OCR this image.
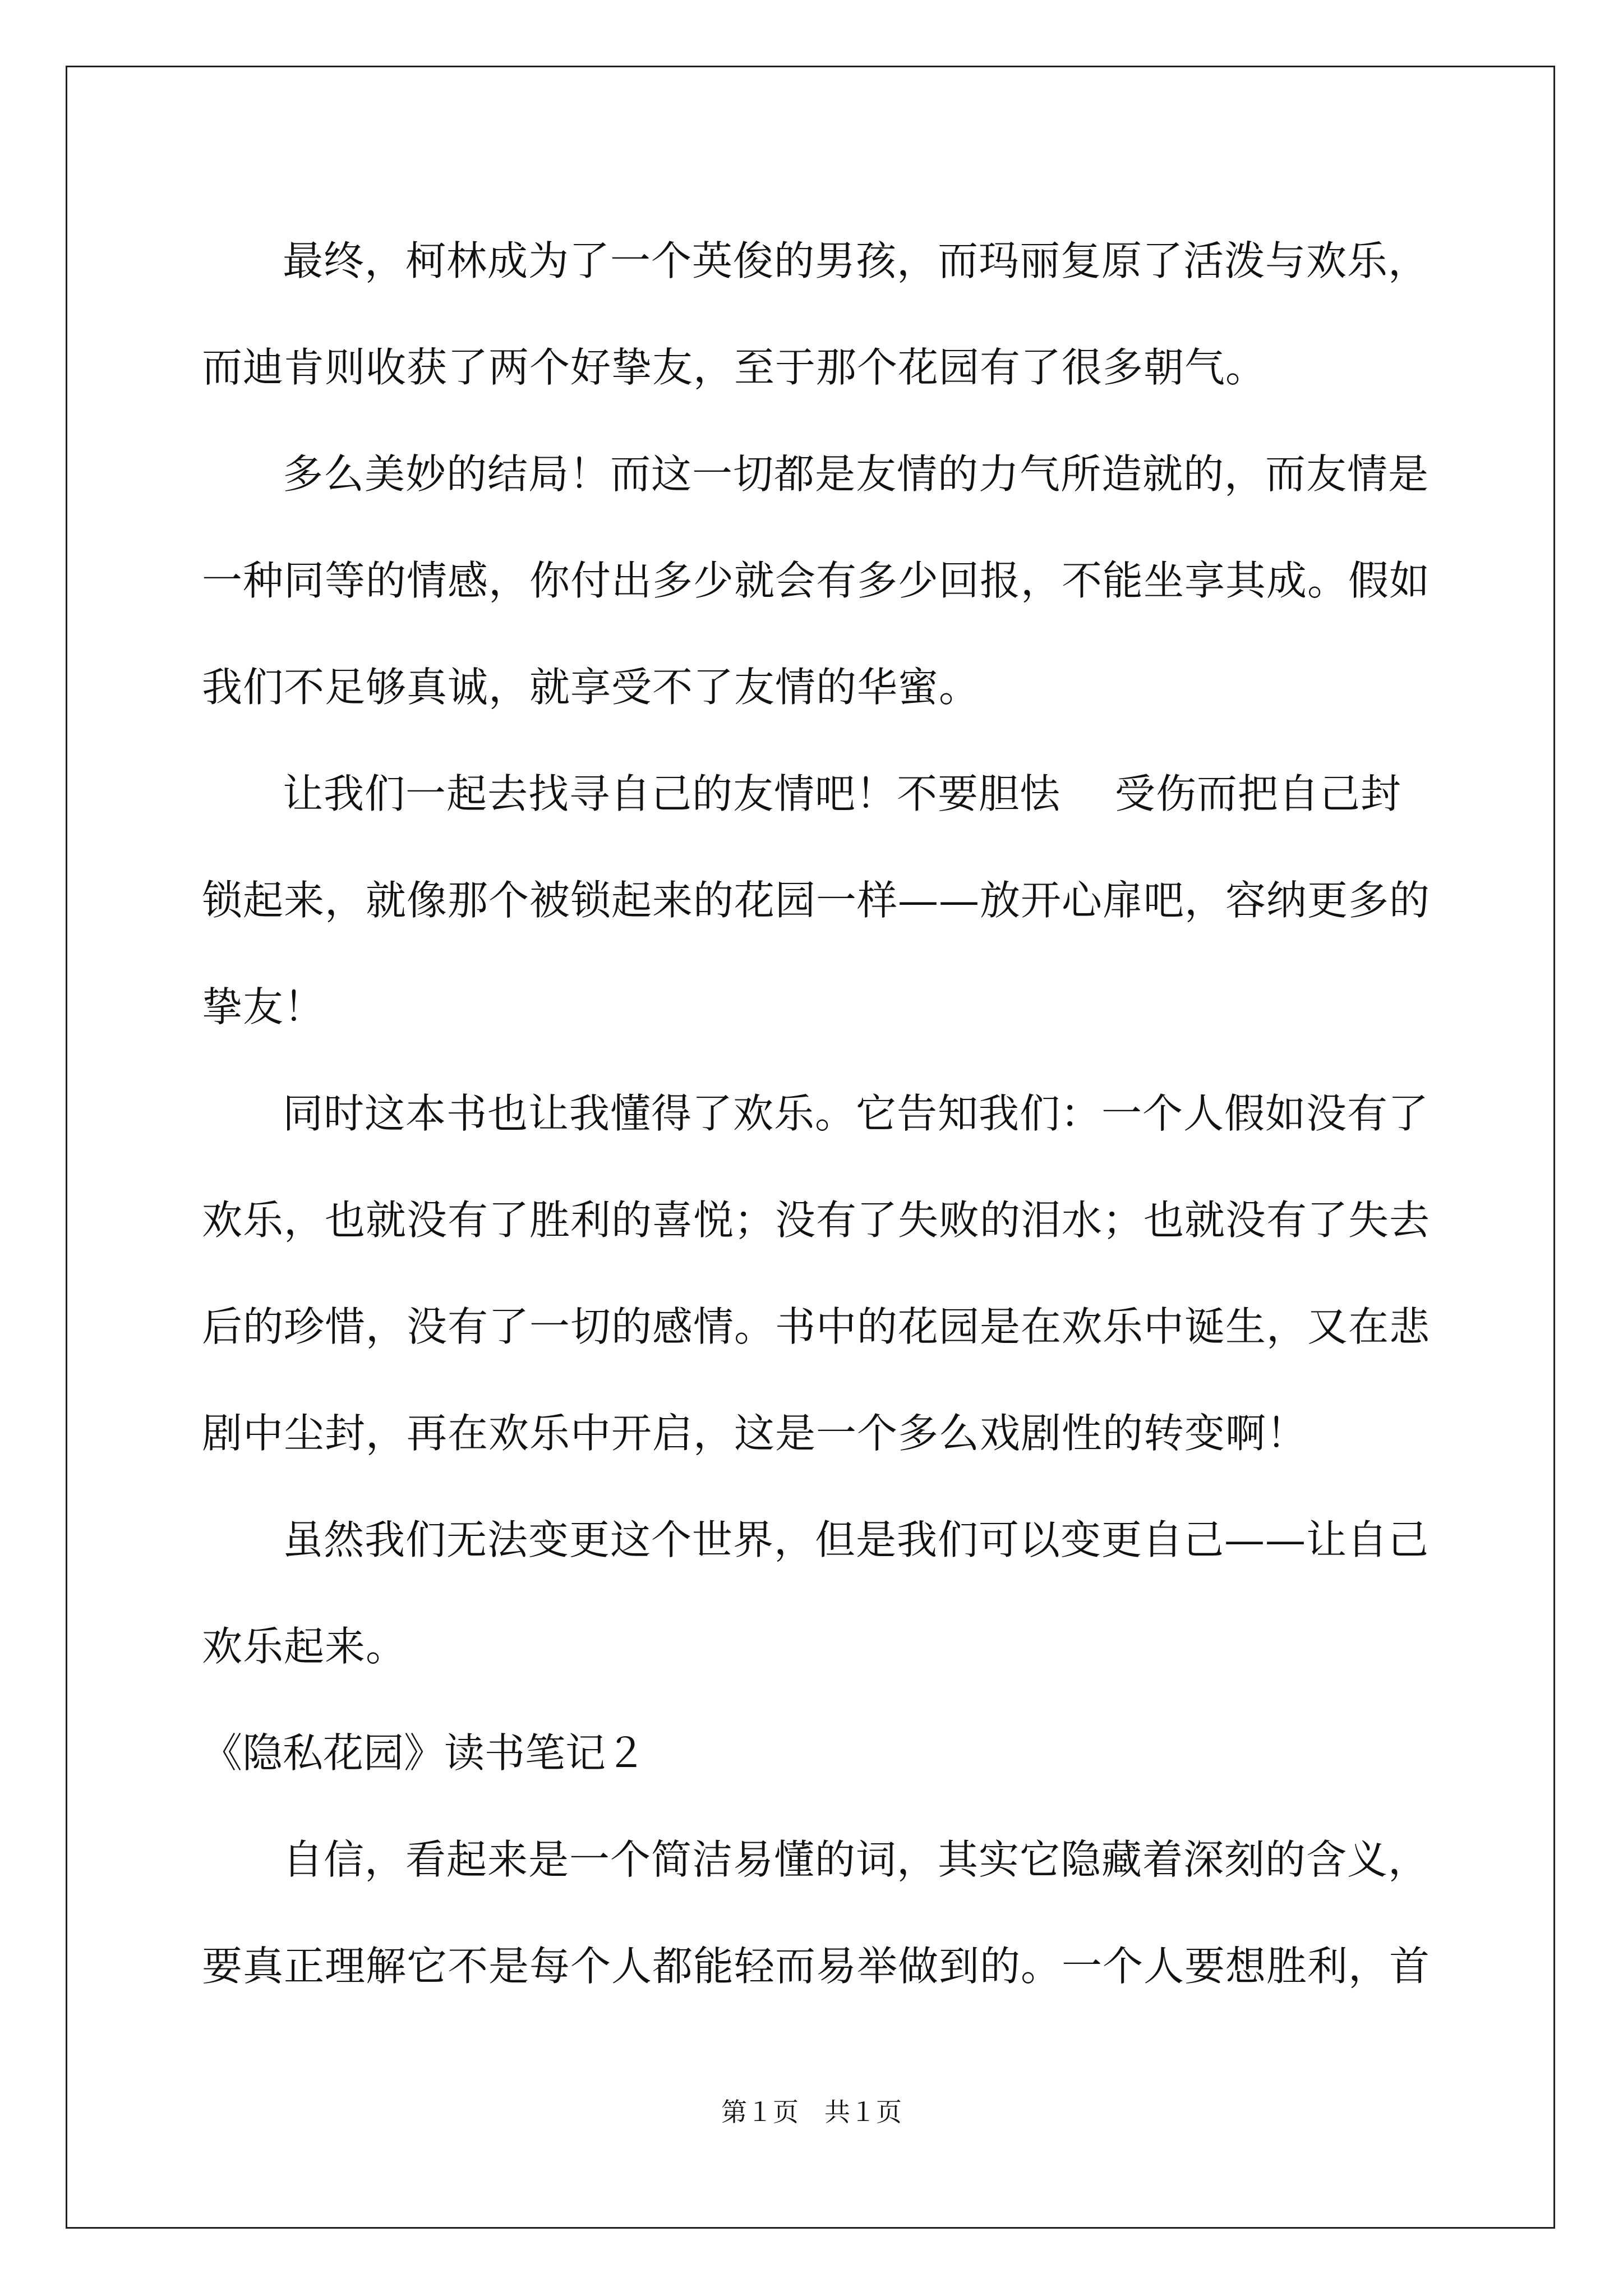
最终，柯林成为了一个英俊的男孩，而玛丽复原了活泼与欢乐，而迪肯则收获了两个好挚友，至于那个花园有了很多朝气。

多么美妙的结局！而这一切都是友情的力气所造就的，而友情是一种同等的情感，你付出多少就会有多少回报，不能坐享其成。假如我们不足够真诚，就享受不了友情的华蜜。

让我们一起去找寻自己的友情吧！不要胆怯　 受伤而把自己封锁起来，就像那个被锁起来的花园一样——放开心扉吧，容纳更多的挚友！

同时这本书也让我懂得了欢乐。它告知我们：一个人假如没有了欢乐，也就没有了胜利的喜悦；没有了失败的泪水；也就没有了失去后的珍惜，没有了一切的感情。书中的花园是在欢乐中诞生，又在悲剧中尘封，再在欢乐中开启，这是一个多么戏剧性的转变啊！

虽然我们无法变更这个世界，但是我们可以变更自己——让自己欢乐起来。

《隐私花园》读书笔记２

自信，看起来是一个简洁易懂的词，其实它隐藏着深刻的含义，要真正理解它不是每个人都能轻而易举做到的。一个人要想胜利，首

第１页 共１页
